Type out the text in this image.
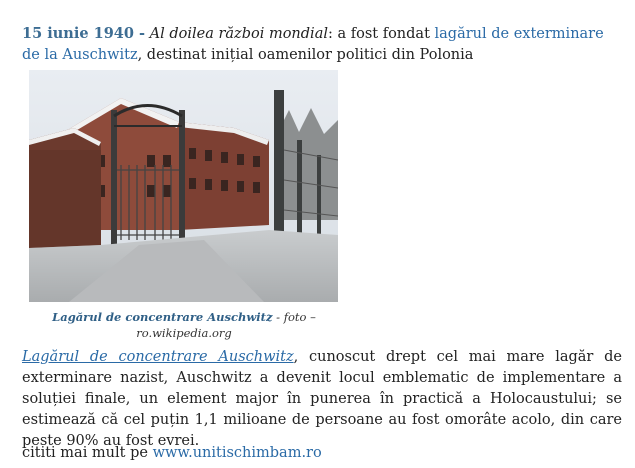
15 iunie 1940 - Al doilea război mondial: a fost fondat lagărul de exterminare de la Auschwitz, destinat inițial oamenilor politici din Polonia

Lagărul de concentrare Auschwitz - foto – ro.wikipedia.org

Lagărul de concentrare Auschwitz, cunoscut drept cel mai mare lagăr de exterminare nazist, Auschwitz a devenit locul emblematic de implementare a soluției finale, un element major în punerea în practică a Holocaustului; se estimează că cel puțin 1,1 milioane de persoane au fost omorâte acolo, din care peste 90% au fost evrei.

cititi mai mult pe www.unitischimbam.ro
